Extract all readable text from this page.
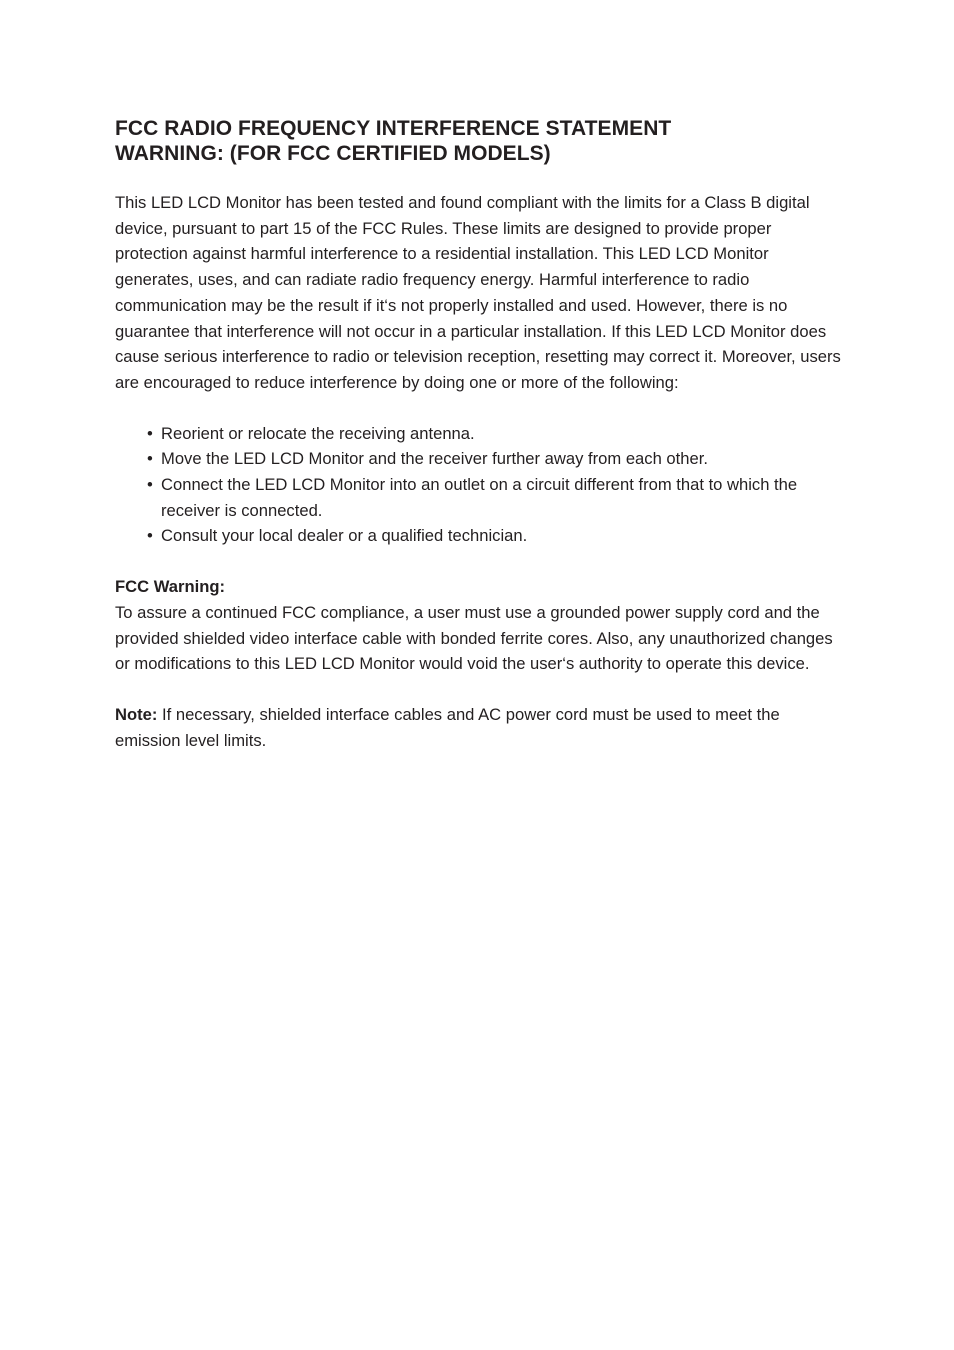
FCC RADIO FREQUENCY INTERFERENCE STATEMENT
WARNING: (FOR FCC CERTIFIED MODELS)

This LED LCD Monitor has been tested and found compliant with the limits for a Class B digital device, pursuant to part 15 of the FCC Rules. These limits are designed to provide proper protection against harmful interference to a residential installation. This LED LCD Monitor generates, uses, and can radiate radio frequency energy. Harmful interference to radio communication may be the result if it‘s not properly installed and used. However, there is no guarantee that interference will not occur in a particular installation. If this LED LCD Monitor does cause serious interference to radio or television reception, resetting may correct it. Moreover, users are encouraged to reduce interference by doing one or more of the following:

• Reorient or relocate the receiving antenna.
• Move the LED LCD Monitor and the receiver further away from each other.
• Connect the LED LCD Monitor into an outlet on a circuit different from that to which the receiver is connected.
• Consult your local dealer or a qualified technician.

FCC Warning:

To assure a continued FCC compliance, a user must use a grounded power supply cord and the provided shielded video interface cable with bonded ferrite cores. Also, any unauthorized changes or modifications to this LED LCD Monitor would void the user‘s authority to operate this device.

Note: If necessary, shielded interface cables and AC power cord must be used to meet the emission level limits.
